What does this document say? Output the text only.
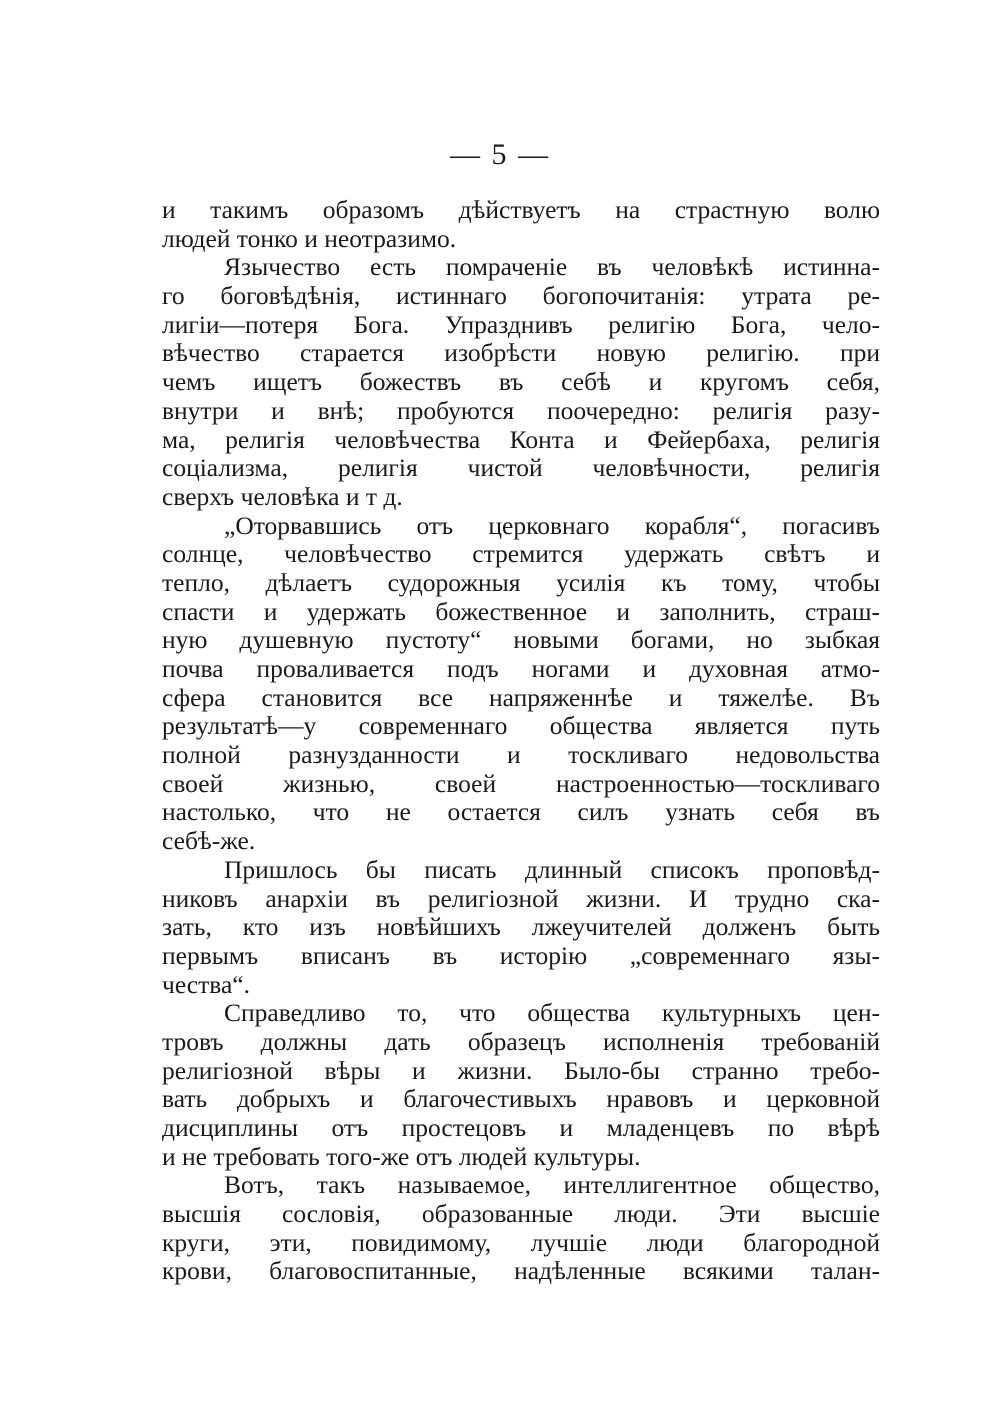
— 5 —
и такимъ образомъ дѣйствуетъ на страстную волю
людей тонко и неотразимо.
Язычество есть помраченіе въ человѣкѣ истинна-
го боговѣдѣнія, истиннаго богопочитанія: утрата ре-
лигіи—потеря Бога. Упразднивъ религію Бога, чело-
вѣчество старается изобрѣсти новую религію. при
чемъ ищетъ божествъ въ себѣ и кругомъ себя,
внутри и внѣ; пробуются поочередно: религія разу-
ма, религія человѣчества Конта и Фейербаха, религія
соціализма, религія чистой человѣчности, религія
сверхъ человѣка и т д.
„Оторвавшись отъ церковнаго корабля“, погасивъ
солнце, человѣчество стремится удержать свѣтъ и
тепло, дѣлаетъ судорожныя усилія къ тому, чтобы
спасти и удержать божественное и заполнить, страш-
ную душевную пустоту“ новыми богами, но зыбкая
почва проваливается подъ ногами и духовная атмо-
сфера становится все напряженнѣе и тяжелѣе. Въ
результатѣ—у современнаго общества является путь
полной разнузданности и тоскливаго недовольства
своей жизнью, своей настроенностью—тоскливаго
настолько, что не остается силъ узнать себя въ
себѣ-же.
Пришлось бы писать длинный списокъ проповѣд-
никовъ анархіи въ религіозной жизни. И трудно ска-
зать, кто изъ новѣйшихъ лжеучителей долженъ быть
первымъ вписанъ въ исторію „современнаго язы-
чества“.
Справедливо то, что общества культурныхъ цен-
тровъ должны дать образецъ исполненія требованій
религіозной вѣры и жизни. Было-бы странно требо-
вать добрыхъ и благочестивыхъ нравовъ и церковной
дисциплины отъ простецовъ и младенцевъ по вѣрѣ
и не требовать того-же отъ людей культуры.
Вотъ, такъ называемое, интеллигентное общество,
высшія сословія, образованные люди. Эти высшіе
круги, эти, повидимому, лучшіе люди благородной
крови, благовоспитанные, надѣленные всякими талан-
